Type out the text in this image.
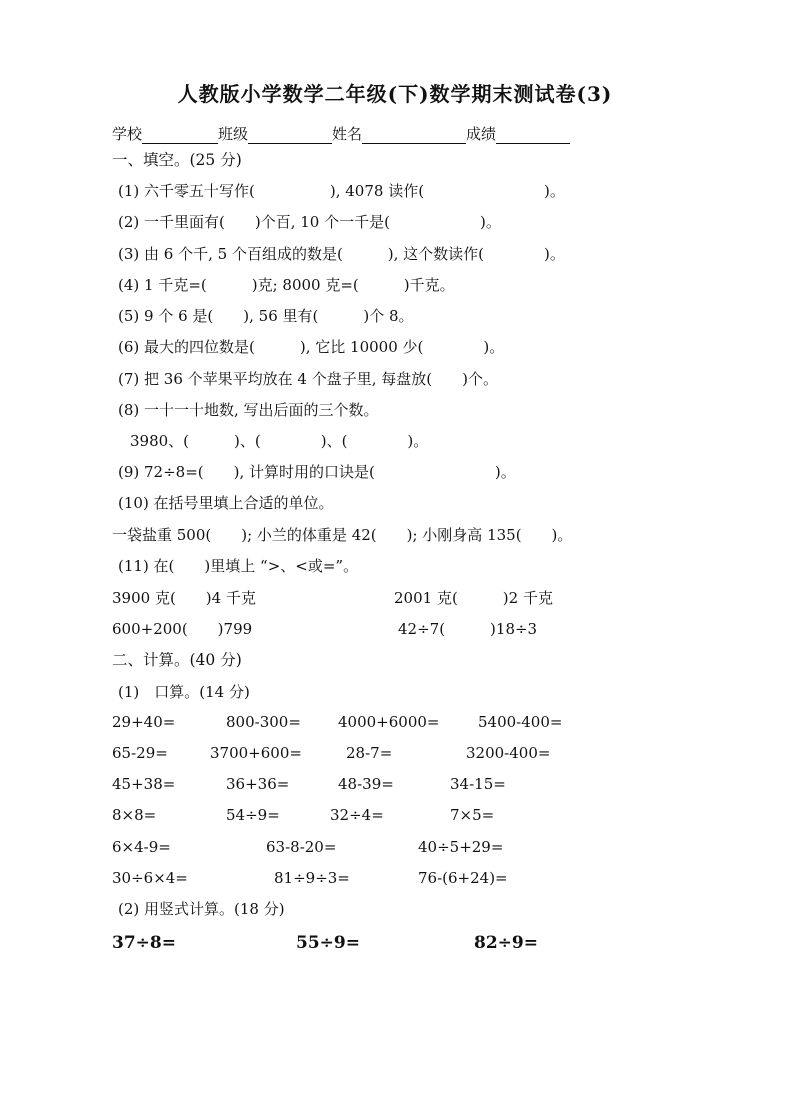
人教版小学数学二年级(下)数学期末测试卷(3)
学校	班级	姓名	成绩
一、填空。(25 分)
(1) 六千零五十写作(　　　　　), 4078 读作(　　　　　　　　)。
(2) 一千里面有(　　)个百, 10 个一千是(　　　　　　)。
(3) 由 6 个千, 5 个百组成的数是(　　　), 这个数读作(　　　　)。
(4) 1 千克=(　　　)克; 8000 克=(　　　)千克。
(5) 9 个 6 是(　　), 56 里有(　　　)个 8。
(6) 最大的四位数是(　　　), 它比 10000 少(　　　　)。
(7) 把 36 个苹果平均放在 4 个盘子里, 每盘放(　　)个。
(8) 一十一十地数, 写出后面的三个数。
3980、(　　　)、(　　　　)、(　　　　)。
(9) 72÷8=(　　), 计算时用的口诀是(　　　　　　　　)。
(10) 在括号里填上合适的单位。
一袋盐重 500(　　); 小兰的体重是 42(　　); 小刚身高 135(　　)。
(11) 在(　　)里填上 “>、<或=”。
3900 克(　　)4 千克	2001 克(　　　)2 千克
600+200(　　)799	42÷7(　　　)18÷3
二、计算。(40 分)
(1)　口算。(14 分)
29+40=	800-300= 4000+6000=	5400-400=
65-29=	3700+600=	28-7=	3200-400=
45+38=	36+36=	48-39=	34-15=
8×8=	54÷9=	32÷4=	7×5=
6×4-9=	63-8-20=	40÷5+29=
30÷6×4=	81÷9÷3=	76-(6+24)=
(2) 用竖式计算。(18 分)
37÷8=	55÷9=	82÷9=
